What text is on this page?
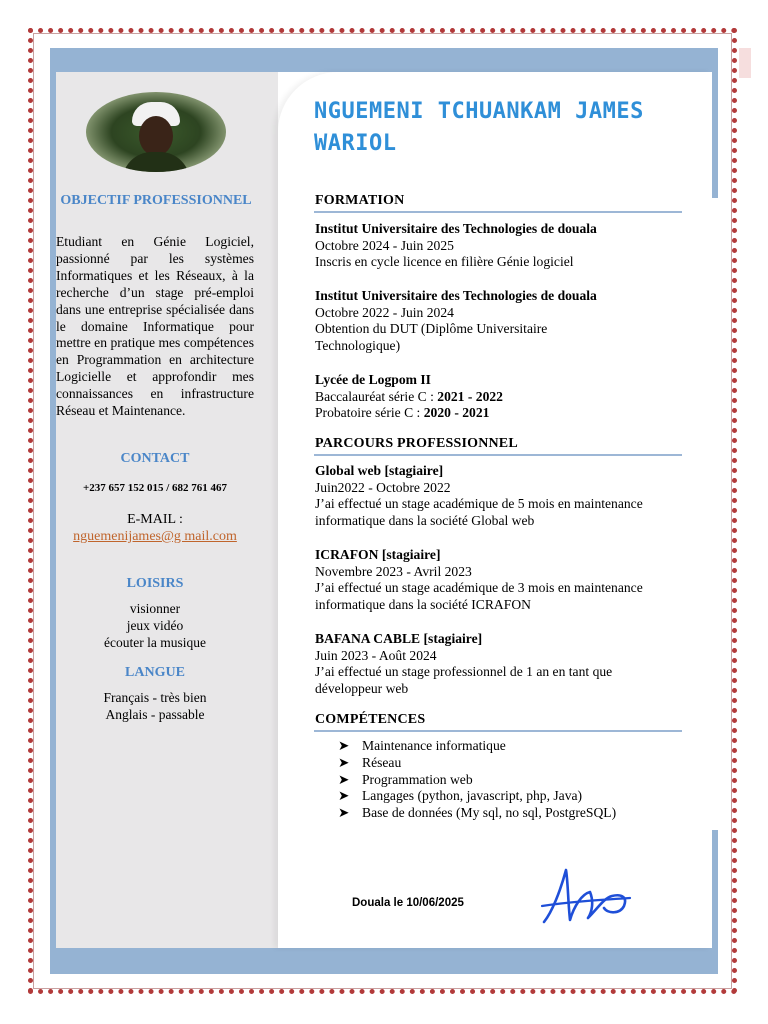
OBJECTIF PROFESSIONNEL
Etudiant en Génie Logiciel, passionné par les systèmes Informatiques et les Réseaux, à la recherche d’un stage pré-emploi dans une entreprise spécialisée dans le domaine Informatique pour mettre en pratique mes compétences en Programmation en architecture Logicielle et approfondir mes connaissances en infrastructure Réseau et Maintenance.
CONTACT
+237 657 152 015 / 682 761 467
E-MAIL :
nguemenijames@g mail.com
LOISIRS
visionner
jeux vidéo
écouter la musique
LANGUE
Français - très bien
Anglais - passable
NGUEMENI TCHUANKAM JAMES WARIOL
FORMATION
Institut Universitaire des Technologies de douala
Octobre 2024 - Juin 2025
Inscris en cycle licence en filière Génie logiciel
Institut Universitaire des Technologies de douala
Octobre 2022 - Juin 2024
Obtention du DUT (Diplôme Universitaire Technologique)
Lycée de Logpom II
Baccalauréat série C : 2021 - 2022
Probatoire série C : 2020 - 2021
PARCOURS PROFESSIONNEL
Global web [stagiaire]
Juin2022 - Octobre 2022
J’ai effectué un stage académique de 5 mois en maintenance informatique dans la société Global web
ICRAFON [stagiaire]
Novembre 2023 - Avril 2023
J’ai effectué un stage académique de 3 mois en maintenance informatique dans la société ICRAFON
BAFANA CABLE [stagiaire]
Juin 2023 - Août 2024
J’ai effectué un stage professionnel de 1 an en tant que développeur web
COMPÉTENCES
➤ Maintenance informatique
➤ Réseau
➤ Programmation web
➤ Langages (python, javascript, php, Java)
➤ Base de données (My sql, no sql, PostgreSQL)
Douala le 10/06/2025
